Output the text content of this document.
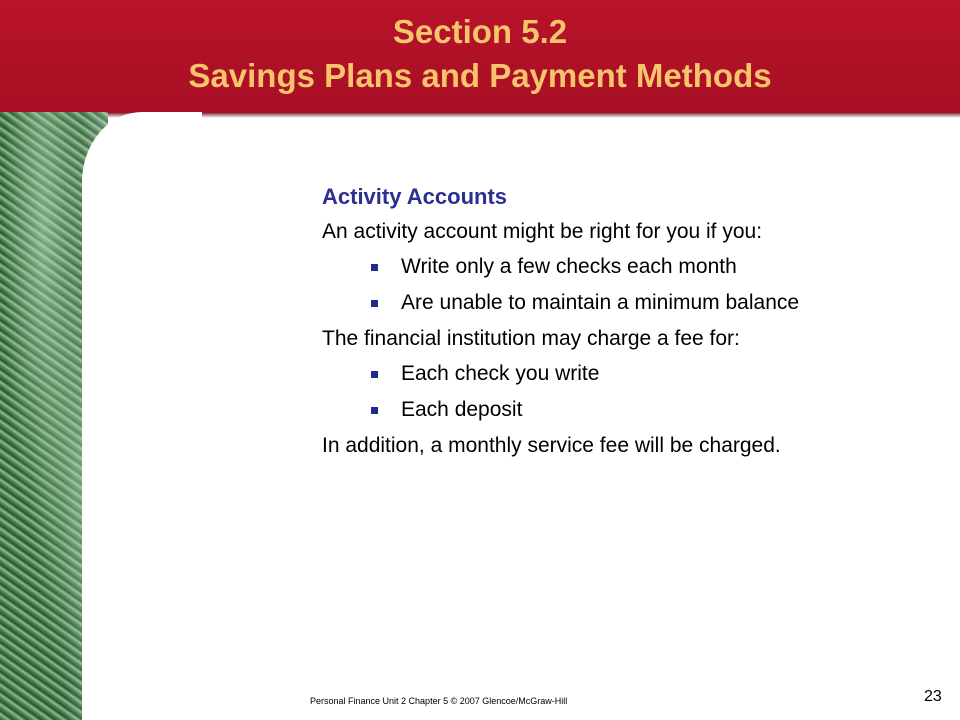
Section 5.2
Savings Plans and Payment Methods
Activity Accounts
An activity account might be right for you if you:
Write only a few checks each month
Are unable to maintain a minimum balance
The financial institution may charge a fee for:
Each check you write
Each deposit
In addition, a monthly service fee will be charged.
Personal Finance Unit 2 Chapter 5 © 2007 Glencoe/McGraw-Hill	23
